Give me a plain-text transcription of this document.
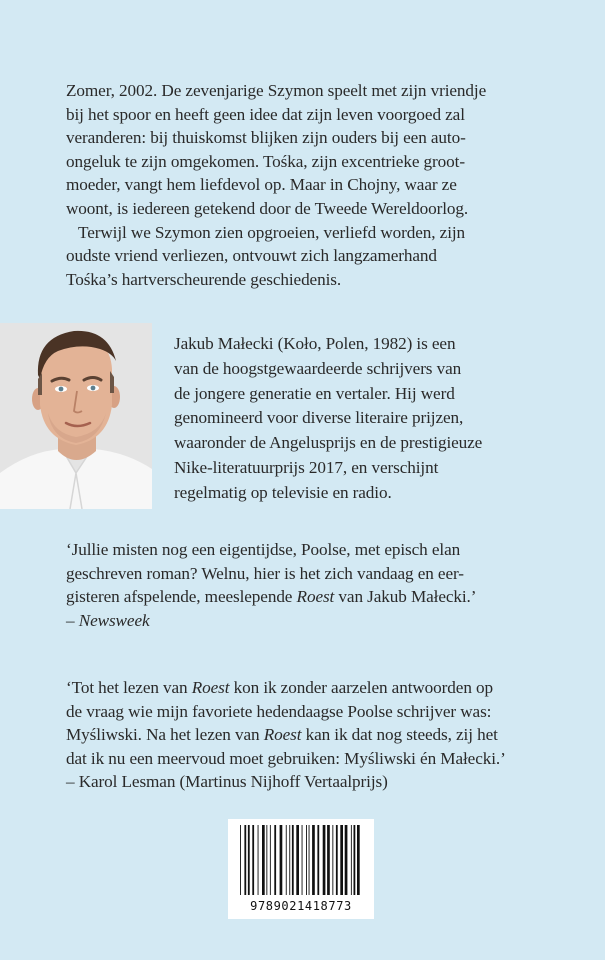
Zomer, 2002. De zevenjarige Szymon speelt met zijn vriendje
bij het spoor en heeft geen idee dat zijn leven voorgoed zal
veranderen: bij thuiskomst blijken zijn ouders bij een auto-
ongeluk te zijn omgekomen. Tośka, zijn excentrieke groot-
moeder, vangt hem liefdevol op. Maar in Chojny, waar ze
woont, is iedereen getekend door de Tweede Wereldoorlog.

Terwijl we Szymon zien opgroeien, verliefd worden, zijn
oudste vriend verliezen, ontvouwt zich langzamerhand
Tośka’s hartverscheurende geschiedenis.

Jakub Małecki (Koło, Polen, 1982) is een
van de hoogstgewaardeerde schrijvers van
de jongere generatie en vertaler. Hij werd
genomineerd voor diverse literaire prijzen,
waaronder de Angelusprijs en de prestigieuze
Nike-literatuurprijs 2017, en verschijnt
regelmatig op televisie en radio.
‘Jullie misten nog een eigentijdse, Poolse, met episch elan
geschreven roman? Welnu, hier is het zich vandaag en eer-
gisteren afspelende, meeslepende Roest van Jakub Małecki.’
– Newsweek
‘Tot het lezen van Roest kon ik zonder aarzelen antwoorden op
de vraag wie mijn favoriete hedendaagse Poolse schrijver was:
Myśliwski. Na het lezen van Roest kan ik dat nog steeds, zij het
dat ik nu een meervoud moet gebruiken: Myśliwski én Małecki.’
– Karol Lesman (Martinus Nijhoff Vertaalprijs)
9789021418773
